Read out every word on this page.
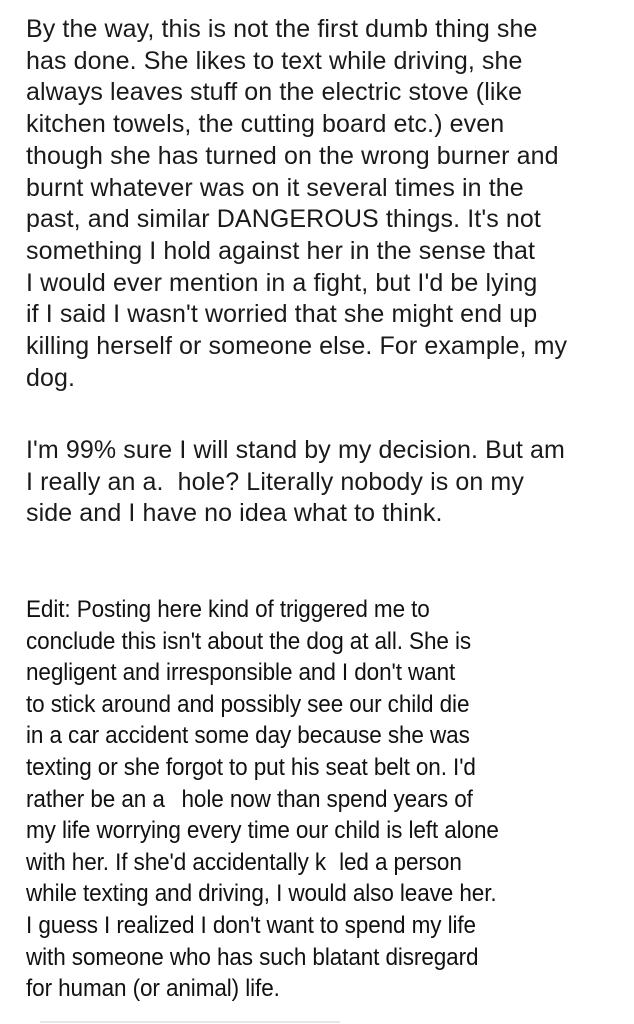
By the way, this is not the first dumb thing she
has done. She likes to text while driving, she
always leaves stuff on the electric stove (like
kitchen towels, the cutting board etc.) even
though she has turned on the wrong burner and
burnt whatever was on it several times in the
past, and similar DANGEROUS things. It's not
something I hold against her in the sense that
I would ever mention in a fight, but I'd be lying
if I said I wasn't worried that she might end up
killing herself or someone else. For example, my
dog.
I'm 99% sure I will stand by my decision. But am
I really an a. hole? Literally nobody is on my
side and I have no idea what to think.
Edit: Posting here kind of triggered me to
conclude this isn't about the dog at all. She is
negligent and irresponsible and I don't want
to stick around and possibly see our child die
in a car accident some day because she was
texting or she forgot to put his seat belt on. I'd
rather be an a hole now than spend years of
my life worrying every time our child is left alone
with her. If she'd accidentally k led a person
while texting and driving, I would also leave her.
I guess I realized I don't want to spend my life
with someone who has such blatant disregard
for human (or animal) life.
